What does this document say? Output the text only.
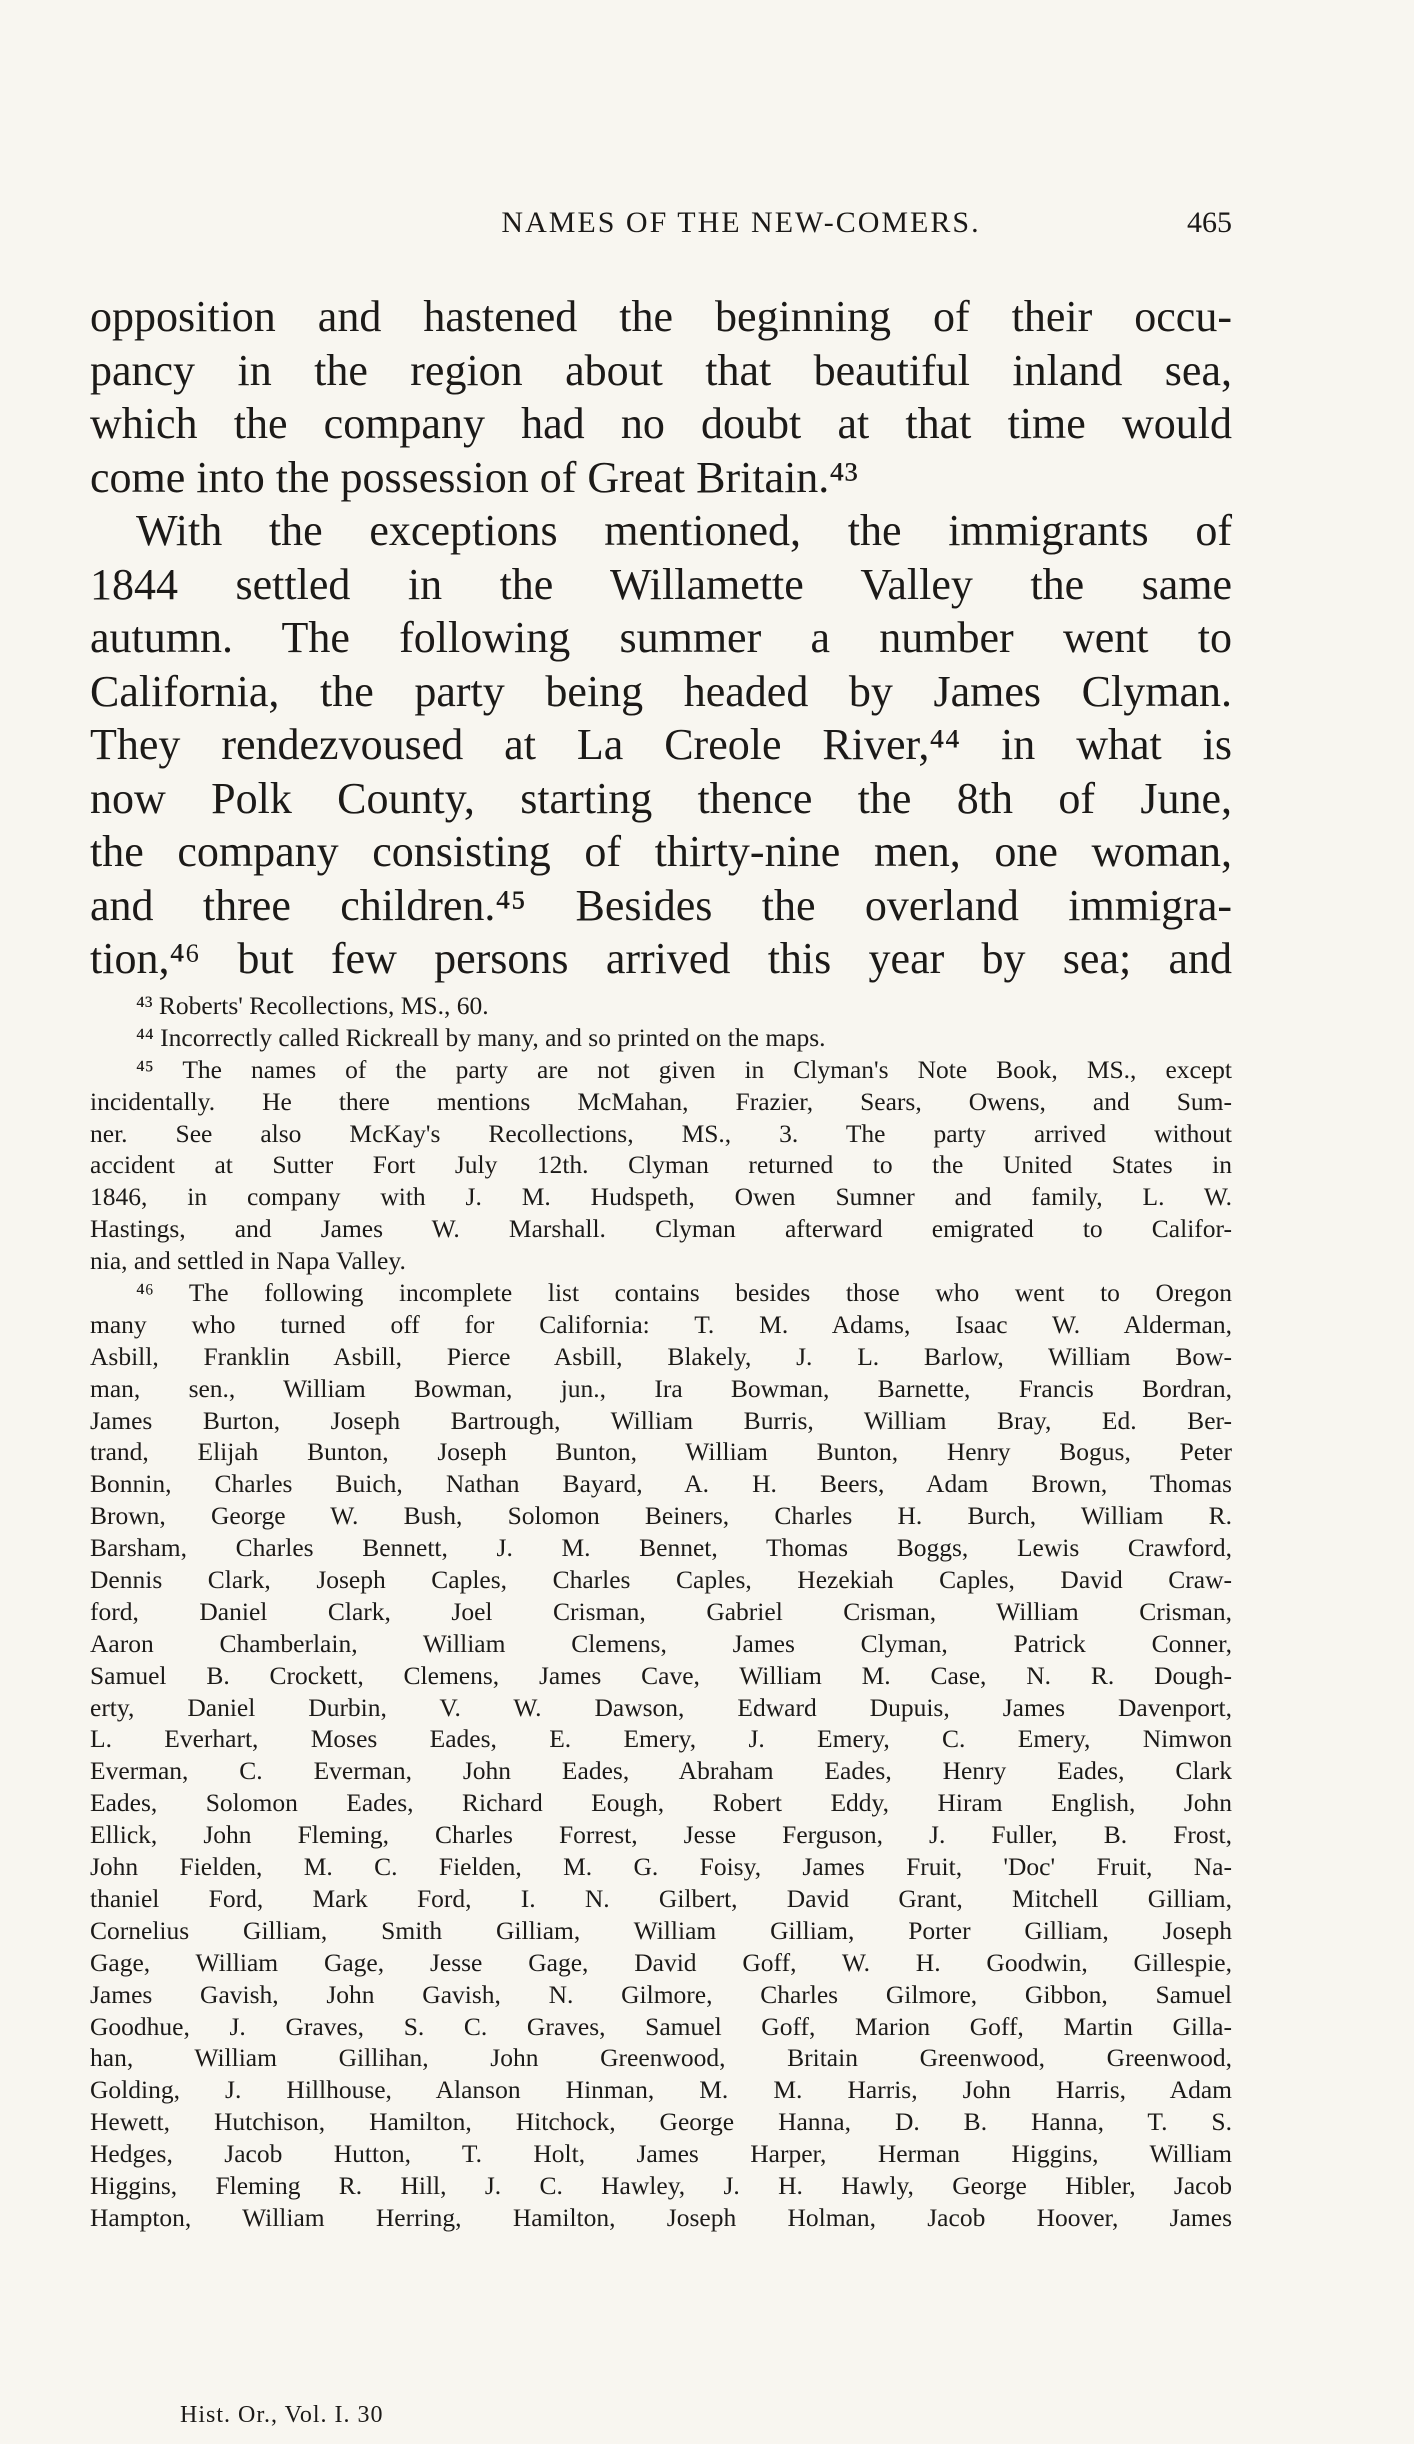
NAMES OF THE NEW-COMERS.	465
opposition and hastened the beginning of their occu-
pancy in the region about that beautiful inland sea,
which the company had no doubt at that time would
come into the possession of Great Britain.⁴³
With the exceptions mentioned, the immigrants of
1844 settled in the Willamette Valley the same
autumn. The following summer a number went to
California, the party being headed by James Clyman.
They rendezvoused at La Creole River,⁴⁴ in what is
now Polk County, starting thence the 8th of June,
the company consisting of thirty-nine men, one woman,
and three children.⁴⁵ Besides the overland immigra-
tion,⁴⁶ but few persons arrived this year by sea; and
⁴³ Roberts' Recollections, MS., 60.
⁴⁴ Incorrectly called Rickreall by many, and so printed on the maps.
⁴⁵ The names of the party are not given in Clyman's Note Book, MS., except
incidentally. He there mentions McMahan, Frazier, Sears, Owens, and Sum-
ner. See also McKay's Recollections, MS., 3. The party arrived without
accident at Sutter Fort July 12th. Clyman returned to the United States in
1846, in company with J. M. Hudspeth, Owen Sumner and family, L. W.
Hastings, and James W. Marshall. Clyman afterward emigrated to Califor-
nia, and settled in Napa Valley.
⁴⁶ The following incomplete list contains besides those who went to Oregon
many who turned off for California: T. M. Adams, Isaac W. Alderman,
Asbill, Franklin Asbill, Pierce Asbill, Blakely, J. L. Barlow, William Bow-
man, sen., William Bowman, jun., Ira Bowman, Barnette, Francis Bordran,
James Burton, Joseph Bartrough, William Burris, William Bray, Ed. Ber-
trand, Elijah Bunton, Joseph Bunton, William Bunton, Henry Bogus, Peter
Bonnin, Charles Buich, Nathan Bayard, A. H. Beers, Adam Brown, Thomas
Brown, George W. Bush, Solomon Beiners, Charles H. Burch, William R.
Barsham, Charles Bennett, J. M. Bennet, Thomas Boggs, Lewis Crawford,
Dennis Clark, Joseph Caples, Charles Caples, Hezekiah Caples, David Craw-
ford, Daniel Clark, Joel Crisman, Gabriel Crisman, William Crisman,
Aaron Chamberlain, William Clemens, James Clyman, Patrick Conner,
Samuel B. Crockett, Clemens, James Cave, William M. Case, N. R. Dough-
erty, Daniel Durbin, V. W. Dawson, Edward Dupuis, James Davenport,
L. Everhart, Moses Eades, E. Emery, J. Emery, C. Emery, Nimwon
Everman, C. Everman, John Eades, Abraham Eades, Henry Eades, Clark
Eades, Solomon Eades, Richard Eough, Robert Eddy, Hiram English, John
Ellick, John Fleming, Charles Forrest, Jesse Ferguson, J. Fuller, B. Frost,
John Fielden, M. C. Fielden, M. G. Foisy, James Fruit, 'Doc' Fruit, Na-
thaniel Ford, Mark Ford, I. N. Gilbert, David Grant, Mitchell Gilliam,
Cornelius Gilliam, Smith Gilliam, William Gilliam, Porter Gilliam, Joseph
Gage, William Gage, Jesse Gage, David Goff, W. H. Goodwin, Gillespie,
James Gavish, John Gavish, N. Gilmore, Charles Gilmore, Gibbon, Samuel
Goodhue, J. Graves, S. C. Graves, Samuel Goff, Marion Goff, Martin Gilla-
han, William Gillihan, John Greenwood, Britain Greenwood, Greenwood,
Golding, J. Hillhouse, Alanson Hinman, M. M. Harris, John Harris, Adam
Hewett, Hutchison, Hamilton, Hitchock, George Hanna, D. B. Hanna, T. S.
Hedges, Jacob Hutton, T. Holt, James Harper, Herman Higgins, William
Higgins, Fleming R. Hill, J. C. Hawley, J. H. Hawly, George Hibler, Jacob
Hampton, William Herring, Hamilton, Joseph Holman, Jacob Hoover, James
Hist. Or., Vol. I. 30
